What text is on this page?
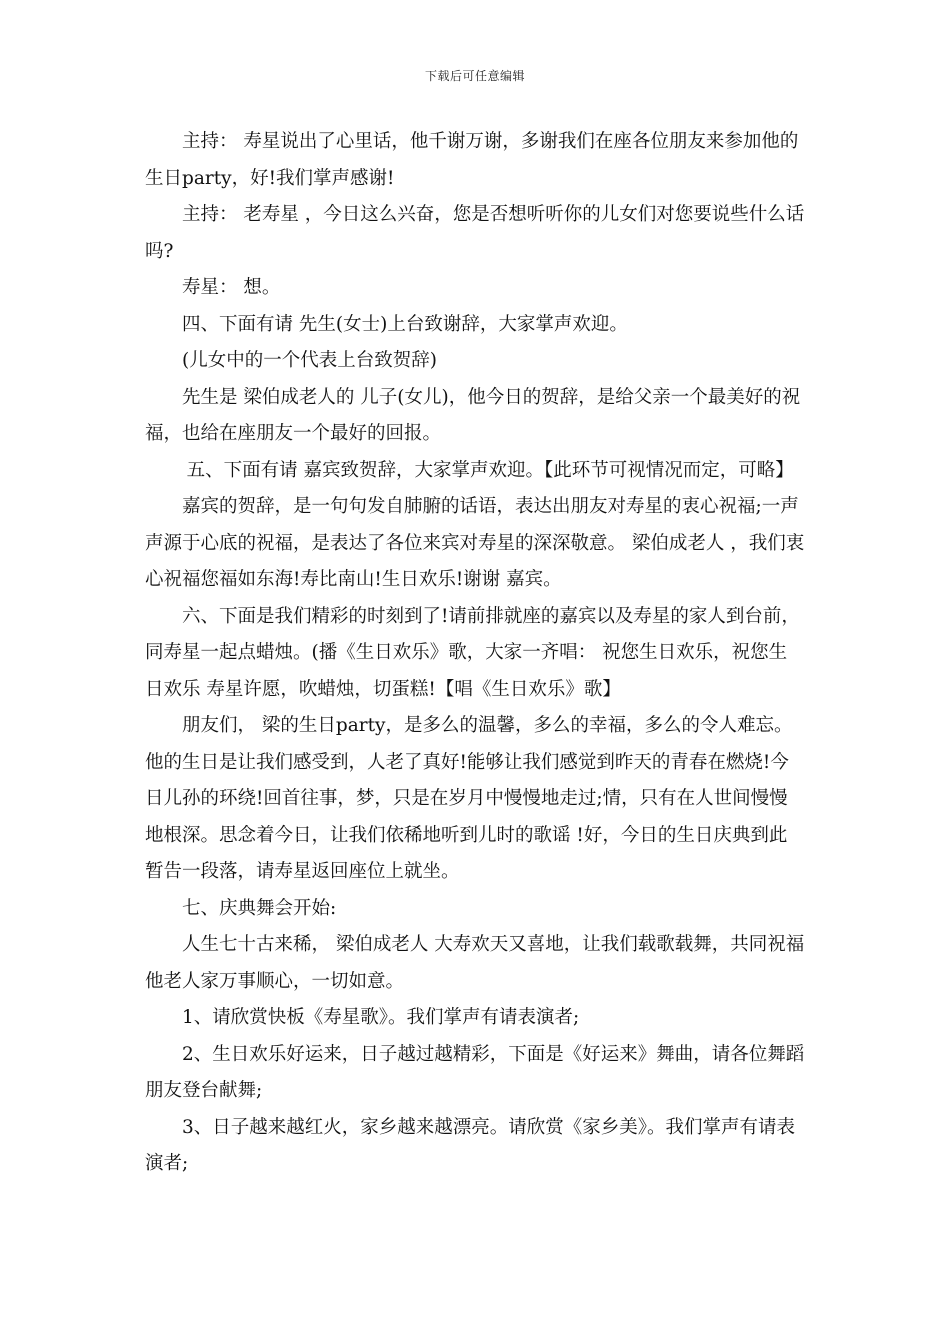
下载后可任意编辑

主持： 寿星说出了心里话，他千谢万谢，多谢我们在座各位朋友来参加他的生日party，好!我们掌声感谢!

主持： 老寿星 ，今日这么兴奋，您是否想听听你的儿女们对您要说些什么话吗?

寿星： 想。

四、下面有请 先生(女士)上台致谢辞，大家掌声欢迎。

(儿女中的一个代表上台致贺辞)

先生是 梁伯成老人的 儿子(女儿)，他今日的贺辞，是给父亲一个最美好的祝福，也给在座朋友一个最好的回报。

五、下面有请 嘉宾致贺辞，大家掌声欢迎。【此环节可视情况而定，可略】

嘉宾的贺辞，是一句句发自肺腑的话语，表达出朋友对寿星的衷心祝福;一声声源于心底的祝福，是表达了各位来宾对寿星的深深敬意。 梁伯成老人 ，我们衷心祝福您福如东海!寿比南山!生日欢乐!谢谢 嘉宾。

六、下面是我们精彩的时刻到了!请前排就座的嘉宾以及寿星的家人到台前，同寿星一起点蜡烛。(播《生日欢乐》歌，大家一齐唱： 祝您生日欢乐，祝您生日欢乐 寿星许愿，吹蜡烛，切蛋糕!【唱《生日欢乐》歌】

朋友们， 梁的生日party，是多么的温馨，多么的幸福，多么的令人难忘。他的生日是让我们感受到，人老了真好!能够让我们感觉到昨天的青春在燃烧!今日儿孙的环绕!回首往事，梦，只是在岁月中慢慢地走过;情，只有在人世间慢慢地根深。思念着今日，让我们依稀地听到儿时的歌谣 !好，今日的生日庆典到此暂告一段落，请寿星返回座位上就坐。

七、庆典舞会开始:

人生七十古来稀， 梁伯成老人 大寿欢天又喜地，让我们载歌载舞，共同祝福他老人家万事顺心，一切如意。

1、请欣赏快板《寿星歌》。我们掌声有请表演者;

2、生日欢乐好运来，日子越过越精彩，下面是《好运来》舞曲，请各位舞蹈朋友登台献舞;

3、日子越来越红火，家乡越来越漂亮。请欣赏《家乡美》。我们掌声有请表演者;
